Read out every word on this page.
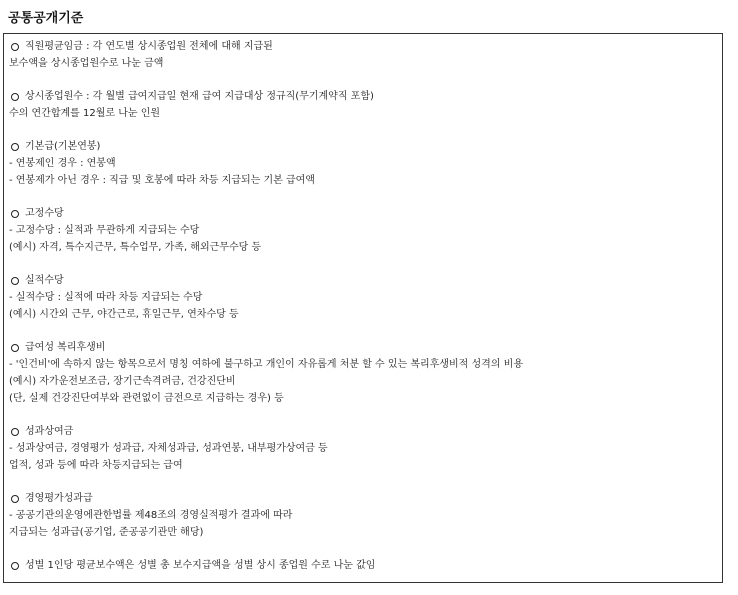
공통공개기준
직원평균임금 : 각 연도별 상시종업원 전체에 대해 지급된
보수액을 상시종업원수로 나눈 금액
상시종업원수 : 각 월별 급여지급일 현재 급여 지급대상 정규직(무기계약직 포함)
수의 연간합계를 12월로 나눈 인원
기본급(기본연봉)
- 연봉제인 경우 : 연봉액
- 연봉제가 아닌 경우 : 직급 및 호봉에 따라 차등 지급되는 기본 급여액
고정수당
- 고정수당 : 실적과 무관하게 지급되는 수당
(예시) 자격, 특수지근무, 특수업무, 가족, 해외근무수당 등
실적수당
- 실적수당 : 실적에 따라 차등 지급되는 수당
(예시) 시간외 근무, 야간근로, 휴일근무, 연차수당 등
급여성 복리후생비
- '인건비'에 속하지 않는 항목으로서 명칭 여하에 불구하고 개인이 자유롭게 처분 할 수 있는 복리후생비적 성격의 비용
(예시) 자가운전보조금, 장기근속격려금, 건강진단비
(단, 실제 건강진단여부와 관련없이 금전으로 지급하는 경우) 등
성과상여금
- 성과상여금, 경영평가 성과급, 자체성과급, 성과연봉, 내부평가상여금 등
업적, 성과 등에 따라 차등지급되는 급여
경영평가성과급
- 공공기관의운영에관한법률 제48조의 경영실적평가 결과에 따라
지급되는 성과급(공기업, 준공공기관만 해당)
성별 1인당 평균보수액은 성별 총 보수지급액을 성별 상시 종업원 수로 나눈 값임
